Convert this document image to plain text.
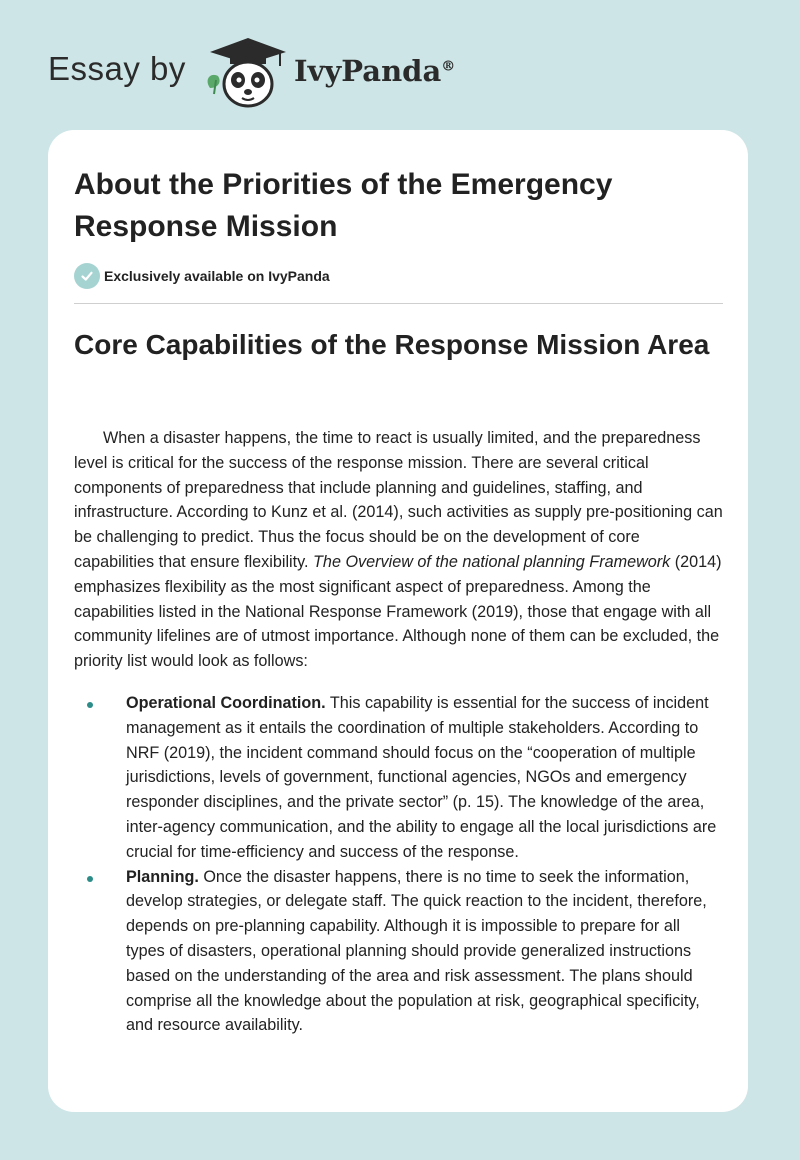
Essay by	IvyPanda®
About the Priorities of the Emergency Response Mission
Exclusively available on IvyPanda
Core Capabilities of the Response Mission Area

When a disaster happens, the time to react is usually limited, and the preparedness level is critical for the success of the response mission. There are several critical components of preparedness that include planning and guidelines, staffing, and infrastructure. According to Kunz et al. (2014), such activities as supply pre-positioning can be challenging to predict. Thus the focus should be on the development of core capabilities that ensure flexibility. The Overview of the national planning Framework (2014) emphasizes flexibility as the most significant aspect of preparedness. Among the capabilities listed in the National Response Framework (2019), those that engage with all community lifelines are of utmost importance. Although none of them can be excluded, the priority list would look as follows:

Operational Coordination. This capability is essential for the success of incident management as it entails the coordination of multiple stakeholders. According to NRF (2019), the incident command should focus on the “cooperation of multiple jurisdictions, levels of government, functional agencies, NGOs and emergency responder disciplines, and the private sector” (p. 15). The knowledge of the area, inter-agency communication, and the ability to engage all the local jurisdictions are crucial for time-efficiency and success of the response.
Planning. Once the disaster happens, there is no time to seek the information, develop strategies, or delegate staff. The quick reaction to the incident, therefore, depends on pre-planning capability. Although it is impossible to prepare for all types of disasters, operational planning should provide generalized instructions based on the understanding of the area and risk assessment. The plans should comprise all the knowledge about the population at risk, geographical specificity, and resource availability.
